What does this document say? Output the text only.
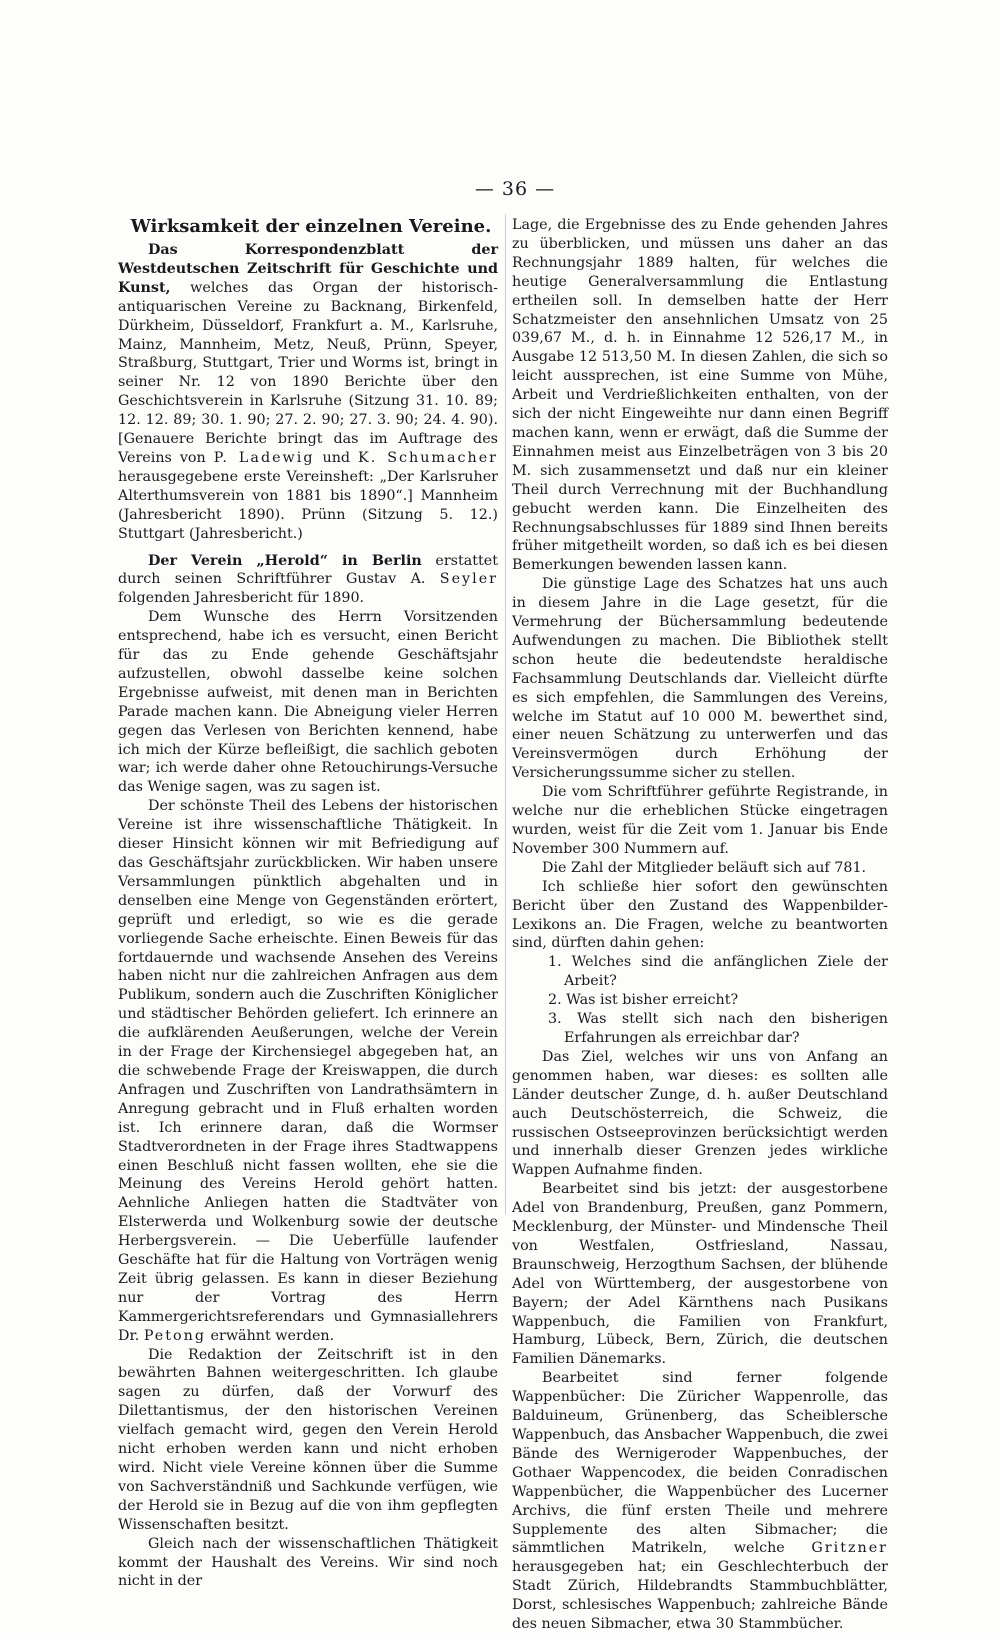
— 36 —
Wirksamkeit der einzelnen Vereine.

Das Korrespondenzblatt der Westdeutschen Zeitschrift für Geschichte und Kunst, welches das Organ der historisch-antiquarischen Vereine zu Backnang, Birkenfeld, Dürkheim, Düsseldorf, Frankfurt a. M., Karlsruhe, Mainz, Mannheim, Metz, Neuß, Prünn, Speyer, Straßburg, Stuttgart, Trier und Worms ist, bringt in seiner Nr. 12 von 1890 Berichte über den Geschichtsverein in Karlsruhe (Sitzung 31. 10. 89; 12. 12. 89; 30. 1. 90; 27. 2. 90; 27. 3. 90; 24. 4. 90). [Genauere Berichte bringt das im Auftrage des Vereins von P. Ladewig und K. Schumacher herausgegebene erste Vereinsheft: „Der Karlsruher Alterthumsverein von 1881 bis 1890“.] Mannheim (Jahresbericht 1890). Prünn (Sitzung 5. 12.) Stuttgart (Jahresbericht.)

Der Verein „Herold“ in Berlin erstattet durch seinen Schriftführer Gustav A. Seyler folgenden Jahresbericht für 1890.

Dem Wunsche des Herrn Vorsitzenden entsprechend, habe ich es versucht, einen Bericht für das zu Ende gehende Geschäftsjahr aufzustellen, obwohl dasselbe keine solchen Ergebnisse aufweist, mit denen man in Berichten Parade machen kann. Die Abneigung vieler Herren gegen das Verlesen von Berichten kennend, habe ich mich der Kürze befleißigt, die sachlich geboten war; ich werde daher ohne Retouchirungs-Versuche das Wenige sagen, was zu sagen ist.

Der schönste Theil des Lebens der historischen Vereine ist ihre wissenschaftliche Thätigkeit. In dieser Hinsicht können wir mit Befriedigung auf das Geschäftsjahr zurückblicken. Wir haben unsere Versammlungen pünktlich abgehalten und in denselben eine Menge von Gegenständen erörtert, geprüft und erledigt, so wie es die gerade vorliegende Sache erheischte. Einen Beweis für das fortdauernde und wachsende Ansehen des Vereins haben nicht nur die zahlreichen Anfragen aus dem Publikum, sondern auch die Zuschriften Königlicher und städtischer Behörden geliefert. Ich erinnere an die aufklärenden Aeußerungen, welche der Verein in der Frage der Kirchensiegel abgegeben hat, an die schwebende Frage der Kreiswappen, die durch Anfragen und Zuschriften von Landrathsämtern in Anregung gebracht und in Fluß erhalten worden ist. Ich erinnere daran, daß die Wormser Stadtverordneten in der Frage ihres Stadtwappens einen Beschluß nicht fassen wollten, ehe sie die Meinung des Vereins Herold gehört hatten. Aehnliche Anliegen hatten die Stadtväter von Elsterwerda und Wolkenburg sowie der deutsche Herbergsverein. — Die Ueberfülle laufender Geschäfte hat für die Haltung von Vorträgen wenig Zeit übrig gelassen. Es kann in dieser Beziehung nur der Vortrag des Herrn Kammergerichtsreferendars und Gymnasiallehrers Dr. Petong erwähnt werden.

Die Redaktion der Zeitschrift ist in den bewährten Bahnen weitergeschritten. Ich glaube sagen zu dürfen, daß der Vorwurf des Dilettantismus, der den historischen Vereinen vielfach gemacht wird, gegen den Verein Herold nicht erhoben werden kann und nicht erhoben wird. Nicht viele Vereine können über die Summe von Sachverständniß und Sachkunde verfügen, wie der Herold sie in Bezug auf die von ihm gepflegten Wissenschaften besitzt.

Gleich nach der wissenschaftlichen Thätigkeit kommt der Haushalt des Vereins. Wir sind noch nicht in der

Lage, die Ergebnisse des zu Ende gehenden Jahres zu überblicken, und müssen uns daher an das Rechnungsjahr 1889 halten, für welches die heutige Generalversammlung die Entlastung ertheilen soll. In demselben hatte der Herr Schatzmeister den ansehnlichen Umsatz von 25 039,67 M., d. h. in Einnahme 12 526,17 M., in Ausgabe 12 513,50 M. In diesen Zahlen, die sich so leicht aussprechen, ist eine Summe von Mühe, Arbeit und Verdrießlichkeiten enthalten, von der sich der nicht Eingeweihte nur dann einen Begriff machen kann, wenn er erwägt, daß die Summe der Einnahmen meist aus Einzelbeträgen von 3 bis 20 M. sich zusammensetzt und daß nur ein kleiner Theil durch Verrechnung mit der Buchhandlung gebucht werden kann. Die Einzelheiten des Rechnungsabschlusses für 1889 sind Ihnen bereits früher mitgetheilt worden, so daß ich es bei diesen Bemerkungen bewenden lassen kann.

Die günstige Lage des Schatzes hat uns auch in diesem Jahre in die Lage gesetzt, für die Vermehrung der Büchersammlung bedeutende Aufwendungen zu machen. Die Bibliothek stellt schon heute die bedeutendste heraldische Fachsammlung Deutschlands dar. Vielleicht dürfte es sich empfehlen, die Sammlungen des Vereins, welche im Statut auf 10 000 M. bewerthet sind, einer neuen Schätzung zu unterwerfen und das Vereinsvermögen durch Erhöhung der Versicherungssumme sicher zu stellen.

Die vom Schriftführer geführte Registrande, in welche nur die erheblichen Stücke eingetragen wurden, weist für die Zeit vom 1. Januar bis Ende November 300 Nummern auf.

Die Zahl der Mitglieder beläuft sich auf 781.

Ich schließe hier sofort den gewünschten Bericht über den Zustand des Wappenbilder-Lexikons an. Die Fragen, welche zu beantworten sind, dürften dahin gehen:

1. Welches sind die anfänglichen Ziele der Arbeit?
2. Was ist bisher erreicht?
3. Was stellt sich nach den bisherigen Erfahrungen als erreichbar dar?

Das Ziel, welches wir uns von Anfang an genommen haben, war dieses: es sollten alle Länder deutscher Zunge, d. h. außer Deutschland auch Deutschösterreich, die Schweiz, die russischen Ostseeprovinzen berücksichtigt werden und innerhalb dieser Grenzen jedes wirkliche Wappen Aufnahme finden.

Bearbeitet sind bis jetzt: der ausgestorbene Adel von Brandenburg, Preußen, ganz Pommern, Mecklenburg, der Münster- und Mindensche Theil von Westfalen, Ostfriesland, Nassau, Braunschweig, Herzogthum Sachsen, der blühende Adel von Württemberg, der ausgestorbene von Bayern; der Adel Kärnthens nach Pusikans Wappenbuch, die Familien von Frankfurt, Hamburg, Lübeck, Bern, Zürich, die deutschen Familien Dänemarks.

Bearbeitet sind ferner folgende Wappenbücher: Die Züricher Wappenrolle, das Balduineum, Grünenberg, das Scheiblersche Wappenbuch, das Ansbacher Wappenbuch, die zwei Bände des Wernigeroder Wappenbuches, der Gothaer Wappencodex, die beiden Conradischen Wappenbücher, die Wappenbücher des Lucerner Archivs, die fünf ersten Theile und mehrere Supplemente des alten Sibmacher; die sämmtlichen Matrikeln, welche Gritzner herausgegeben hat; ein Geschlechterbuch der Stadt Zürich, Hildebrandts Stammbuchblätter, Dorst, schlesisches Wappenbuch; zahlreiche Bände des neuen Sibmacher, etwa 30 Stammbücher.
